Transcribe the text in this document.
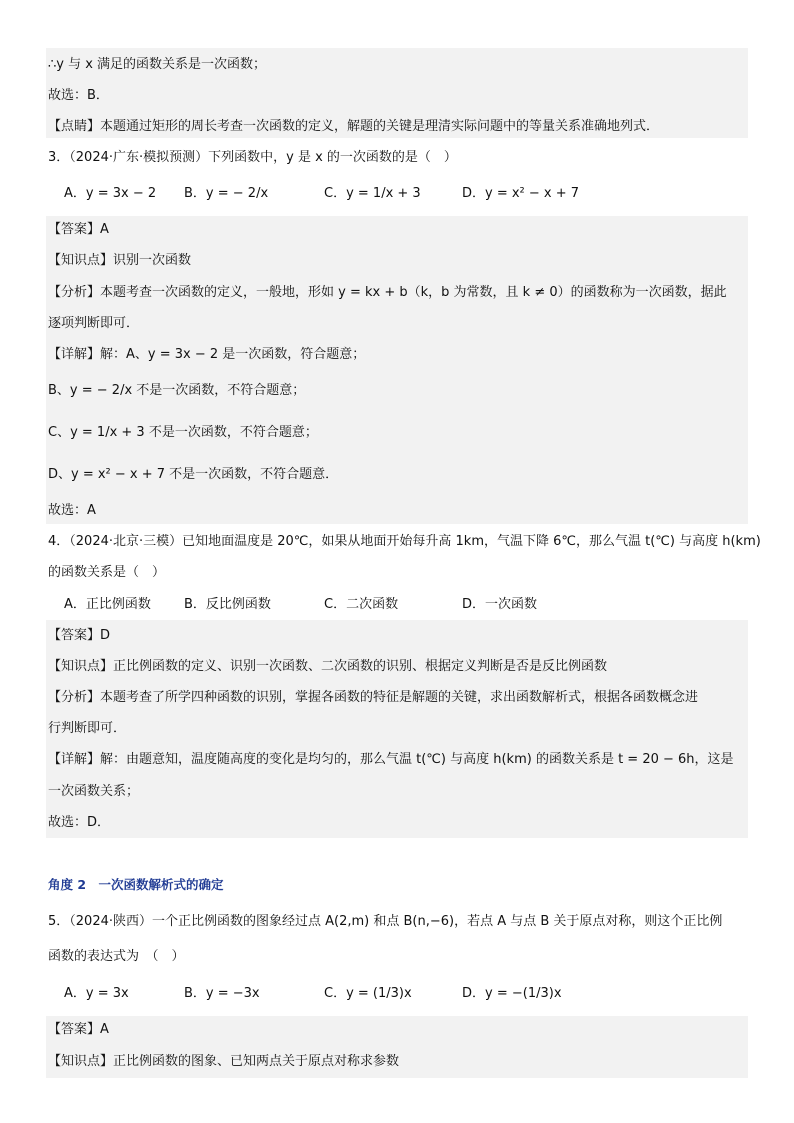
∴y 与 x 满足的函数关系是一次函数；
故选：B．
【点睛】本题通过矩形的周长考查一次函数的定义，解题的关键是理清实际问题中的等量关系准确地列式．
3．（2024·广东·模拟预测）下列函数中，y 是 x 的一次函数的是（　）
A．y = 3x − 2 B．y = − 2/x	C．y = 1/x + 3	D．y = x² − x + 7
【答案】A
【知识点】识别一次函数
【分析】本题考查一次函数的定义，一般地，形如 y = kx + b（k，b 为常数，且 k ≠ 0）的函数称为一次函数，据此
逐项判断即可．
【详解】解：A、y = 3x − 2 是一次函数，符合题意；
B、y = − 2/x 不是一次函数，不符合题意；
C、y = 1/x + 3 不是一次函数，不符合题意；
D、y = x² − x + 7 不是一次函数，不符合题意．
故选：A
4．（2024·北京·三模）已知地面温度是 20℃，如果从地面开始每升高 1km，气温下降 6℃，那么气温 t(℃) 与高度 h(km)
的函数关系是（　）
A．正比例函数	B．反比例函数	C．二次函数	D．一次函数
【答案】D
【知识点】正比例函数的定义、识别一次函数、二次函数的识别、根据定义判断是否是反比例函数
【分析】本题考查了所学四种函数的识别，掌握各函数的特征是解题的关键，求出函数解析式，根据各函数概念进
行判断即可．
【详解】解：由题意知，温度随高度的变化是均匀的，那么气温 t(℃) 与高度 h(km) 的函数关系是 t = 20 − 6h，这是
一次函数关系；
故选：D．
角度 2　一次函数解析式的确定
5．（2024·陕西）一个正比例函数的图象经过点 A(2,m) 和点 B(n,−6)，若点 A 与点 B 关于原点对称，则这个正比例
函数的表达式为　（　）
A．y = 3x	B．y = −3x	C．y = (1/3)x	D．y = −(1/3)x
【答案】A
【知识点】正比例函数的图象、已知两点关于原点对称求参数
